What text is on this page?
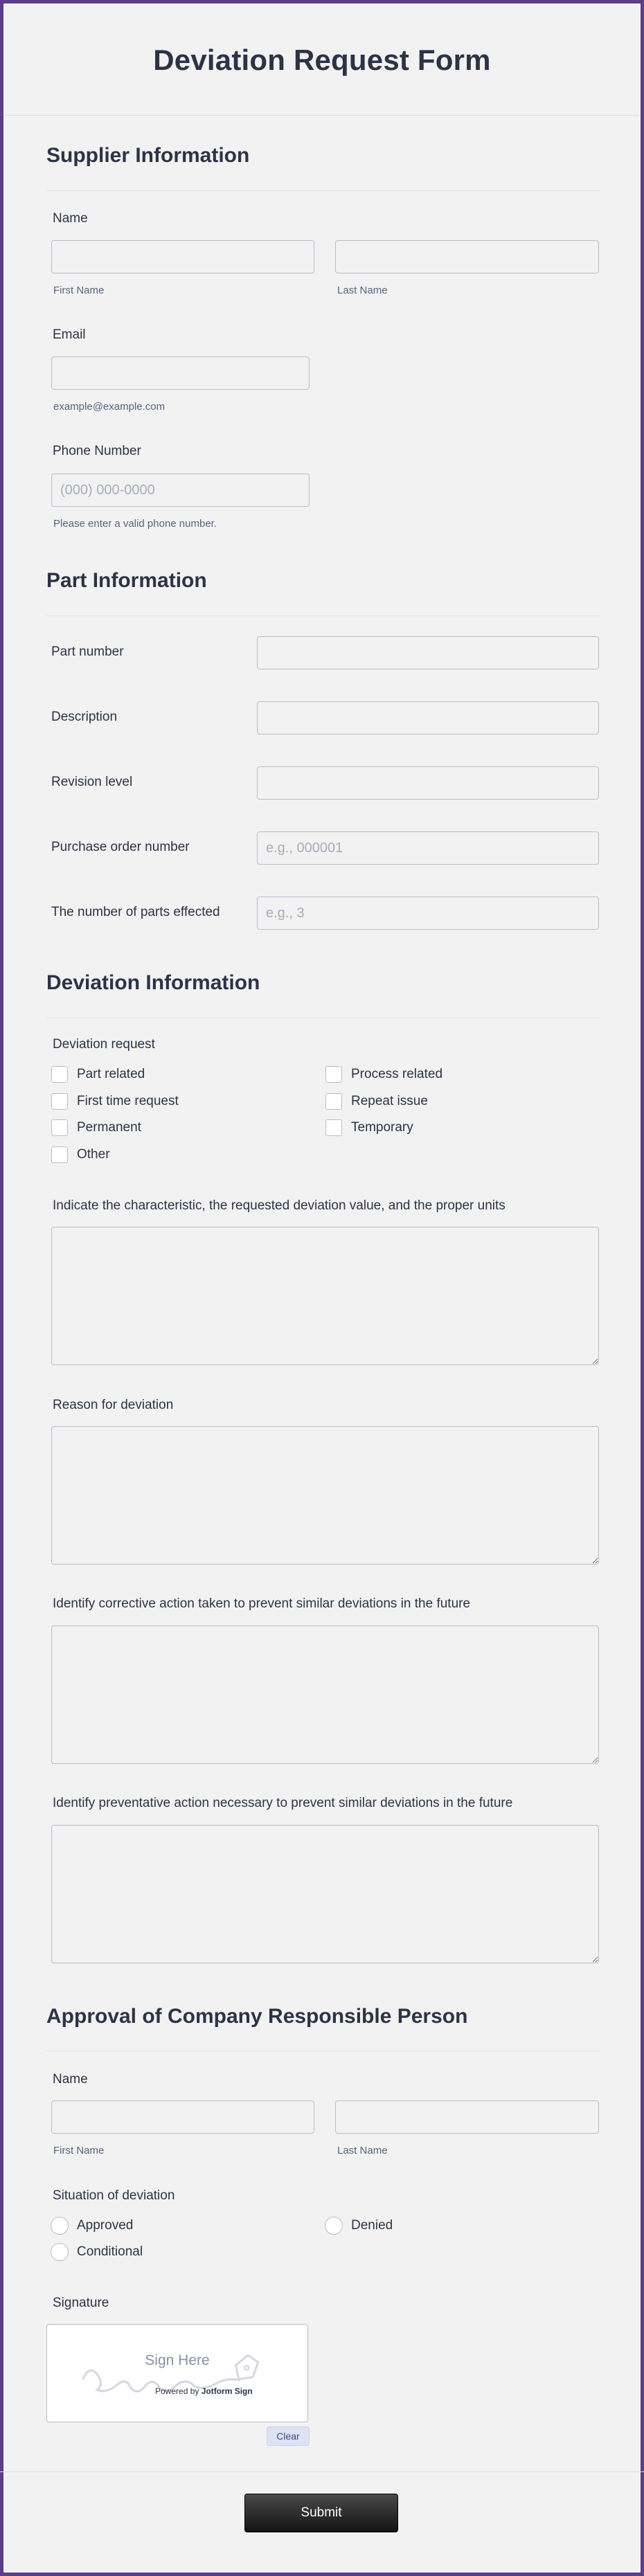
Deviation Request Form
Supplier Information
Name
First Name	Last Name
Email
example@example.com
Phone Number
(000) 000-0000
Please enter a valid phone number.
Part Information
Part number
Description
Revision level
Purchase order number
e.g., 000001
The number of parts effected
e.g., 3
Deviation Information
Deviation request
Part related	Process related
First time request	Repeat issue
Permanent	Temporary
Other
Indicate the characteristic, the requested deviation value, and the proper units
Reason for deviation
Identify corrective action taken to prevent similar deviations in the future
Identify preventative action necessary to prevent similar deviations in the future
Approval of Company Responsible Person
Name
First Name	Last Name
Situation of deviation
Approved	Denied
Conditional
Signature
Sign Here
Powered by Jotform Sign
Clear
Submit
